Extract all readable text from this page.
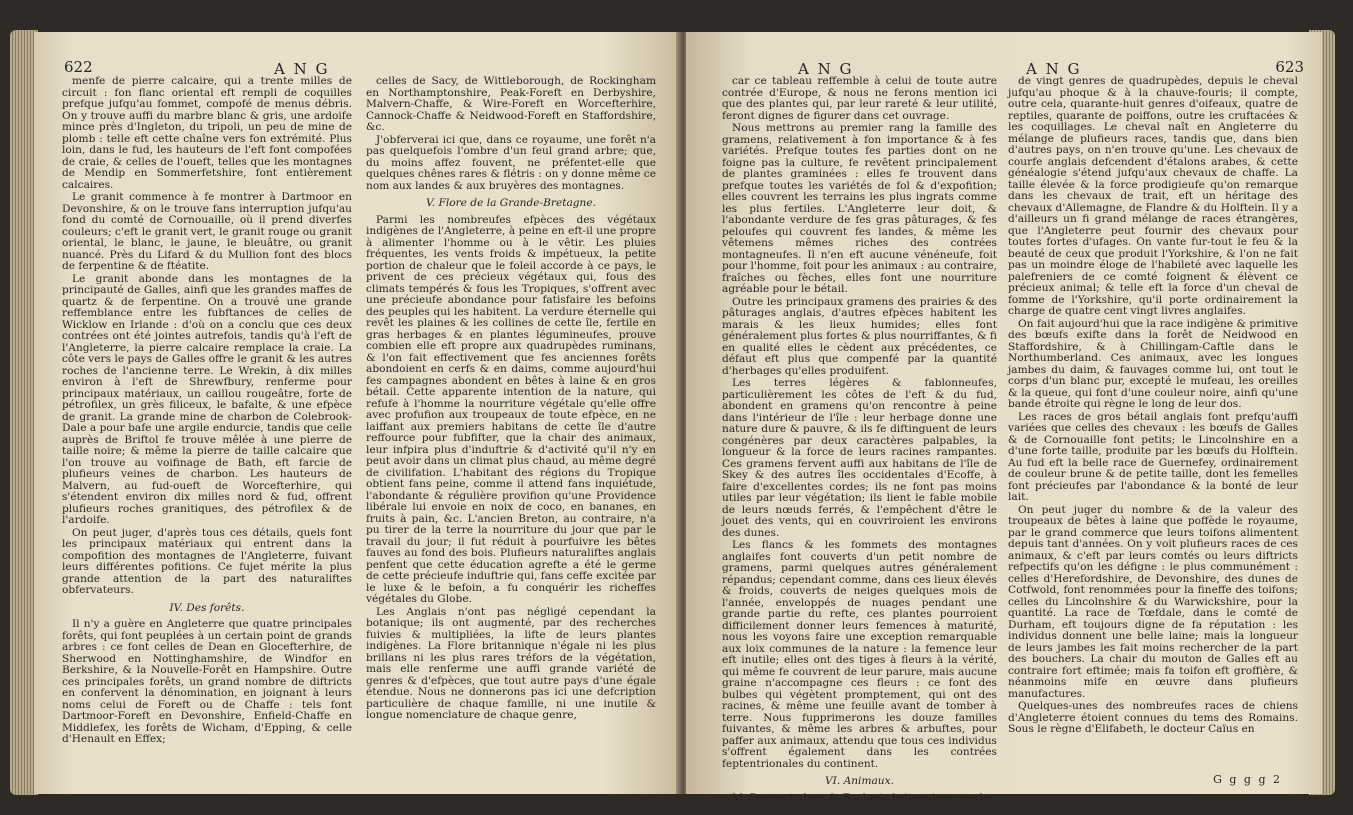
622	A N G

menfe de pierre calcaire, qui a trente milles de circuit : fon flanc oriental eft rempli de coquilles prefque jufqu'au fommet, compofé de menus débris. On y trouve auffi du marbre blanc & gris, une ardoife mince près d'Ingleton, du tripoli, un peu de mine de plomb : telle eft cette chaîne vers fon extrémité. Plus loin, dans le fud, les hauteurs de l'eft font compofées de craie, & celles de l'oueft, telles que les montagnes de Mendip en Sommerfetshire, font entièrement calcaires.

Le granit commence à fe montrer à Dartmoor en Devonshire, & on le trouve fans interruption jufqu'au fond du comté de Cornouaille, où il prend diverfes couleurs; c'eft le granit vert, le granit rouge ou granit oriental, le blanc, le jaune, le bleuâtre, ou granit nuancé. Près du Lifard & du Mullion font des blocs de ferpentine & de ftéatite.

Le granit abonde dans les montagnes de la principauté de Galles, ainfi que les grandes maffes de quartz & de ferpentine. On a trouvé une grande reffemblance entre les fubftances de celles de Wicklow en Irlande : d'où on a conclu que ces deux contrées ont été jointes autrefois, tandis qu'à l'eft de l'Angleterre, la pierre calcaire remplace la craie. La côte vers le pays de Galles offre le granit & les autres roches de l'ancienne terre. Le Wrekin, à dix milles environ à l'eft de Shrewfbury, renferme pour principaux matériaux, un caillou rougeâtre, forte de pétrofilex, un grès filiceux, le bafalte, & une efpèce de granit. La grande mine de charbon de Colebrook-Dale a pour bafe une argile endurcie, tandis que celle auprès de Briftol fe trouve mêlée à une pierre de taille noire; & même la pierre de taille calcaire que l'on trouve au voifinage de Bath, eft farcie de plufieurs veines de charbon. Les hauteurs de Malvern, au fud-oueft de Worcefterhire, qui s'étendent environ dix milles nord & fud, offrent plufieurs roches granitiques, des pétrofilex & de l'ardoife.

On peut juger, d'après tous ces détails, quels font les principaux matériaux qui entrent dans la compofition des montagnes de l'Angleterre, fuivant leurs différentes pofitions. Ce fujet mérite la plus grande attention de la part des naturaliftes obfervateurs.

IV. Des forêts.

Il n'y a guère en Angleterre que quatre principales forêts, qui font peuplées à un certain point de grands arbres : ce font celles de Dean en Glocefterhire, de Sherwood en Nottinghamshire, de Windfor en Berkshire, & la Nouvelle-Forêt en Hampshire. Outre ces principales forêts, un grand nombre de diftricts en confervent la dénomination, en joignant à leurs noms celui de Foreft ou de Chaffe : tels font Dartmoor-Foreft en Devonshire, Enfield-Chaffe en Middlefex, les forêts de Wicham, d'Epping, & celle d'Henault en Effex;

celles de Sacy, de Wittleborough, de Rockingham en Northamptonshire, Peak-Foreft en Derbyshire, Malvern-Chaffe, & Wire-Foreft en Worcefterhire, Cannock-Chaffe & Neidwood-Foreft en Staffordshire, &c.

J'obferverai ici que, dans ce royaume, une forêt n'a pas quelquefois l'ombre d'un feul grand arbre; que, du moins affez fouvent, ne préfentet-elle que quelques chênes rares & flétris : on y donne même ce nom aux landes & aux bruyères des montagnes.

V. Flore de la Grande-Bretagne.

Parmi les nombreufes efpèces des végétaux indigènes de l'Angleterre, à peine en eft-il une propre à alimenter l'homme ou à le vêtir. Les pluies fréquentes, les vents froids & impétueux, la petite portion de chaleur que le foleil accorde à ce pays, le privent de ces précieux végétaux qui, fous des climats tempérés & fous les Tropiques, s'offrent avec une précieufe abondance pour fatisfaire les befoins des peuples qui les habitent. La verdure éternelle qui revêt les plaines & les collines de cette île, fertile en gras herbages & en plantes légumineufes, prouve combien elle eft propre aux quadrupèdes ruminans, & l'on fait effectivement que fes anciennes forêts abondoient en cerfs & en daims, comme aujourd'hui fes campagnes abondent en bêtes à laine & en gros bétail. Cette apparente intention de la nature, qui refufe à l'homme la nourriture végétale qu'elle offre avec profufion aux troupeaux de toute efpèce, en ne laiffant aux premiers habitans de cette île d'autre reffource pour fubfifter, que la chair des animaux, leur infpira plus d'induftrie & d'activité qu'il n'y en peut avoir dans un climat plus chaud, au même degré de civilifation. L'habitant des régions du Tropique obtient fans peine, comme il attend fans inquiétude, l'abondante & régulière provifion qu'une Providence libérale lui envoie en noix de coco, en bananes, en fruits à pain, &c. L'ancien Breton, au contraire, n'a pu tirer de la terre la nourriture du jour que par le travail du jour; il fut réduit à pourfuivre les bêtes fauves au fond des bois. Plufieurs naturaliftes anglais penfent que cette éducation agrefte a été le germe de cette précieufe induftrie qui, fans ceffe excitée par le luxe & le befoin, a fu conquérir les richeffes végétales du Globe.

Les Anglais n'ont pas négligé cependant la botanique; ils ont augmenté, par des recherches fuivies & multipliées, la lifte de leurs plantes indigènes. La Flore britannique n'égale ni les plus brillans ni les plus rares tréfors de la végétation, mais elle renferme une auffi grande variété de genres & d'efpèces, que tout autre pays d'une égale étendue. Nous ne donnerons pas ici une defcription particulière de chaque famille, ni une inutile & longue nomenclature de chaque genre,

A N G	A N G	623

car ce tableau reffemble à celui de toute autre contrée d'Europe, & nous ne ferons mention ici que des plantes qui, par leur rareté & leur utilité, feront dignes de figurer dans cet ouvrage.

Nous mettrons au premier rang la famille des gramens, relativement à fon importance & à fes variétés. Prefque toutes fes parties dont on ne foigne pas la culture, fe revêtent principalement de plantes graminées : elles fe trouvent dans prefque toutes les variétés de fol & d'expofition; elles couvrent les terrains les plus ingrats comme les plus fertiles. L'Angleterre leur doit, & l'abondante verdure de fes gras pâturages, & fes peloufes qui couvrent fes landes, & même les vêtemens mêmes riches des contrées montagneufes. Il n'en eft aucune vénéneufe, foit pour l'homme, foit pour les animaux : au contraire, fraîches ou fèches, elles font une nourriture agréable pour le bétail.

Outre les principaux gramens des prairies & des pâturages anglais, d'autres efpèces habitent les marais & les lieux humides; elles font généralement plus fortes & plus nourriffantes, & fi en qualité elles le cèdent aux précédentes, ce défaut eft plus que compenfé par la quantité d'herbages qu'elles produifent.

Les terres légères & fablonneufes, particulièrement les côtes de l'eft & du fud, abondent en gramens qu'on rencontre à peine dans l'intérieur de l'île : leur herbage donne une nature dure & pauvre, & ils fe diftinguent de leurs congénères par deux caractères palpables, la longueur & la force de leurs racines rampantes. Ces gramens fervent auffi aux habitans de l'île de Skey & des autres îles occidentales d'Ecoffe, à faire d'excellentes cordes; ils ne font pas moins utiles par leur végétation; ils lient le fable mobile de leurs nœuds ferrés, & l'empêchent d'être le jouet des vents, qui en couvriroient les environs des dunes.

Les flancs & les fommets des montagnes anglaifes font couverts d'un petit nombre de gramens, parmi quelques autres généralement répandus; cependant comme, dans ces lieux élevés & froids, couverts de neiges quelques mois de l'année, enveloppés de nuages pendant une grande partie du refte, ces plantes pourroient difficilement donner leurs femences à maturité, nous les voyons faire une exception remarquable aux loix communes de la nature : la femence leur eft inutile; elles ont des tiges à fleurs à la vérité, qui même fe couvrent de leur parure, mais aucune graine n'accompagne ces fleurs : ce font des bulbes qui végètent promptement, qui ont des racines, & même une feuille avant de tomber à terre. Nous fupprimerons les douze familles fuivantes, & même les arbres & arbuftes, pour paffer aux animaux, attendu que tous ces individus s'offrent également dans les contrées feptentrionales du continent.

VI. Animaux.

M. Pennant, dans fa Zoologie britannique, parle

de vingt genres de quadrupèdes, depuis le cheval jufqu'au phoque & à la chauve-fouris; il compte, outre cela, quarante-huit genres d'oifeaux, quatre de reptiles, quarante de poiffons, outre les cruftacées & les coquillages. Le cheval naît en Angleterre du mélange de plufieurs races, tandis que, dans bien d'autres pays, on n'en trouve qu'une. Les chevaux de courfe anglais defcendent d'étalons arabes, & cette généalogie s'étend jufqu'aux chevaux de chaffe. La taille élevée & la force prodigieufe qu'on remarque dans les chevaux de trait, eft un héritage des chevaux d'Allemagne, de Flandre & du Holftein. Il y a d'ailleurs un fi grand mélange de races étrangères, que l'Angleterre peut fournir des chevaux pour toutes fortes d'ufages. On vante fur-tout le feu & la beauté de ceux que produit l'Yorkshire, & l'on ne fait pas un moindre éloge de l'habileté avec laquelle les palefreniers de ce comté foignent & élèvent ce précieux animal; & telle eft la force d'un cheval de fomme de l'Yorkshire, qu'il porte ordinairement la charge de quatre cent vingt livres anglaifes.

On fait aujourd'hui que la race indigène & primitive des bœufs exifte dans la forêt de Neidwood en Staffordshire, & à Chillingam-Caftle dans le Northumberland. Ces animaux, avec les longues jambes du daim, & fauvages comme lui, ont tout le corps d'un blanc pur, excepté le mufeau, les oreilles & la queue, qui font d'une couleur noire, ainfi qu'une bande étroite qui règne le long de leur dos.

Les races de gros bétail anglais font prefqu'auffi variées que celles des chevaux : les bœufs de Galles & de Cornouaille font petits; le Lincolnshire en a d'une forte taille, produite par les bœufs du Holftein. Au fud eft la belle race de Guernefey, ordinairement de couleur brune & de petite taille, dont les femelles font précieufes par l'abondance & la bonté de leur lait.

On peut juger du nombre & de la valeur des troupeaux de bêtes à laine que poffède le royaume, par le grand commerce que leurs toifons alimentent depuis tant d'années. On y voit plufieurs races de ces animaux, & c'eft par leurs comtés ou leurs diftricts refpectifs qu'on les défigne : le plus communément : celles d'Herefordshire, de Devonshire, des dunes de Cotfwold, font renommées pour la fineffe des toifons; celles du Lincolnshire & du Warwickshire, pour la quantité. La race de Tœfdale, dans le comté de Durham, eft toujours digne de fa réputation : les individus donnent une belle laine; mais la longueur de leurs jambes les fait moins rechercher de la part des bouchers. La chair du mouton de Galles eft au contraire fort eftimée; mais fa toifon eft groffière, & néanmoins mife en œuvre dans plufieurs manufactures.

Quelques-unes des nombreufes races de chiens d'Angleterre étoient connues du tems des Romains. Sous le règne d'Elifabeth, le docteur Caïus en

G g g g 2
